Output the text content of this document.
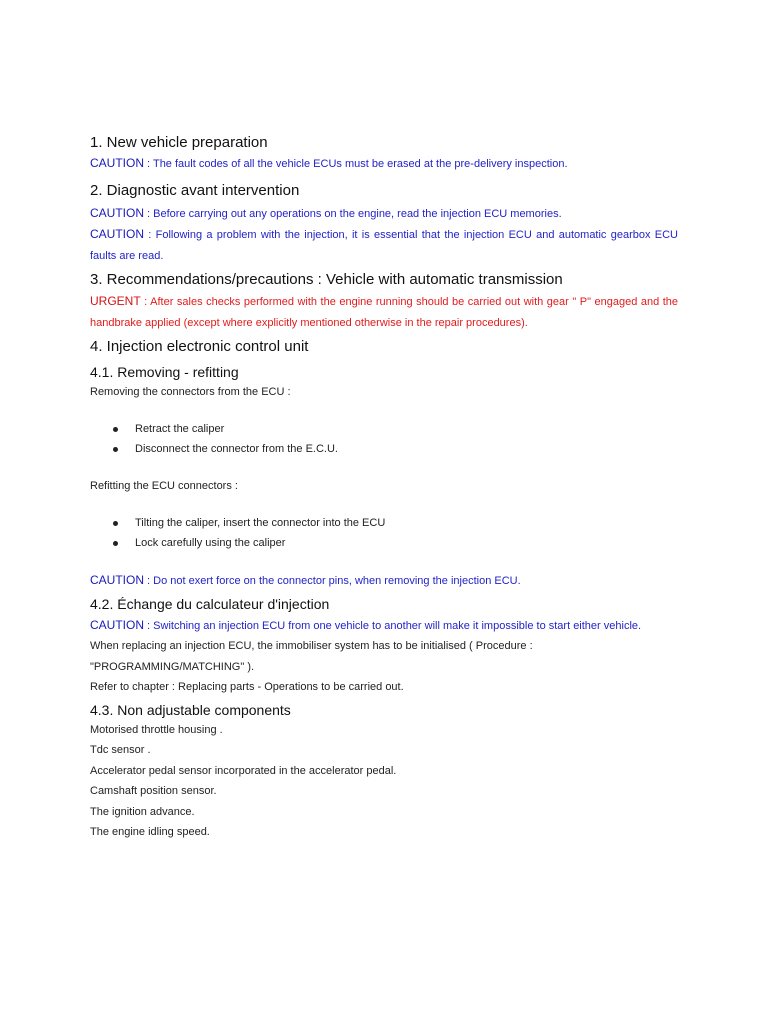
1. New vehicle preparation

CAUTION : The fault codes of all the vehicle ECUs must be erased at the pre-delivery inspection.

2. Diagnostic avant intervention

CAUTION : Before carrying out any operations on the engine, read the injection ECU memories.

CAUTION : Following a problem with the injection, it is essential that the injection ECU and automatic gearbox ECU faults are read.

3. Recommendations/precautions : Vehicle with automatic transmission

URGENT : After sales checks performed with the engine running should be carried out with gear " P" engaged and the handbrake applied (except where explicitly mentioned otherwise in the repair procedures).

4. Injection electronic control unit
4.1. Removing - refitting

Removing the connectors from the ECU :

Retract the caliper
Disconnect the connector from the E.C.U.

Refitting the ECU connectors :

Tilting the caliper, insert the connector into the ECU
Lock carefully using the caliper

CAUTION : Do not exert force on the connector pins, when removing the injection ECU.

4.2. Échange du calculateur d'injection

CAUTION : Switching an injection ECU from one vehicle to another will make it impossible to start either vehicle.

When replacing an injection ECU, the immobiliser system has to be initialised ( Procedure : "PROGRAMMING/MATCHING" ).

Refer to chapter : Replacing parts - Operations to be carried out.

4.3. Non adjustable components

Motorised throttle housing .

Tdc sensor .

Accelerator pedal sensor incorporated in the accelerator pedal.

Camshaft position sensor.

The ignition advance.

The engine idling speed.
